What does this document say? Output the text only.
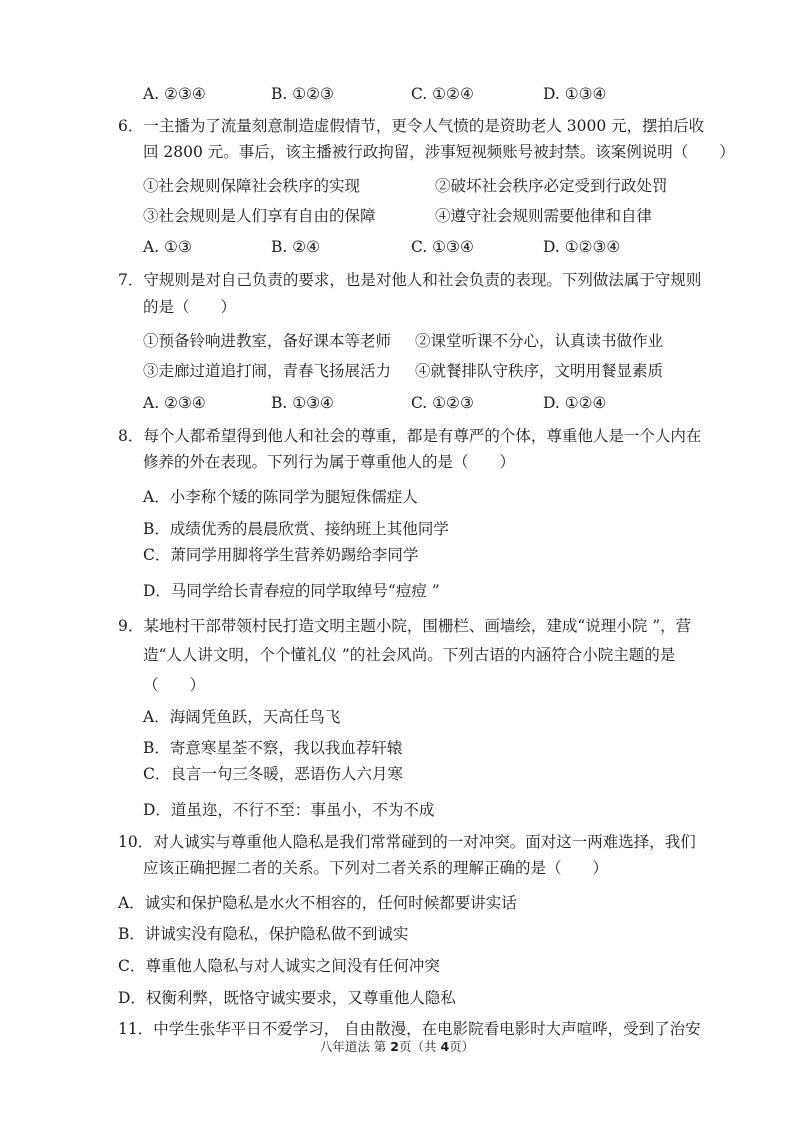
A. ②③④	B. ①②③	C. ①②④	D. ①③④
6．一主播为了流量刻意制造虚假情节，更令人气愤的是资助老人 3000 元，摆拍后收
回 2800 元。事后，该主播被行政拘留，涉事短视频账号被封禁。该案例说明（　　）
①社会规则保障社会秩序的实现	②破坏社会秩序必定受到行政处罚
③社会规则是人们享有自由的保障	④遵守社会规则需要他律和自律
A. ①③	B. ②④	C. ①③④	D. ①②③④
7．守规则是对自己负责的要求，也是对他人和社会负责的表现。下列做法属于守规则
的是（　　）
①预备铃响进教室，备好课本等老师 ②课堂听课不分心，认真读书做作业
③走廊过道追打闹，青春飞扬展活力 ④就餐排队守秩序，文明用餐显素质
A. ②③④	B. ①③④	C. ①②③	D. ①②④
8．每个人都希望得到他人和社会的尊重，都是有尊严的个体，尊重他人是一个人内在
修养的外在表现。下列行为属于尊重他人的是（　　）
A．小李称个矮的陈同学为腿短侏儒症人
B．成绩优秀的晨晨欣赏、接纳班上其他同学
C．萧同学用脚将学生营养奶踢给李同学
D．马同学给长青春痘的同学取绰号“痘痘 ”
9．某地村干部带领村民打造文明主题小院，围栅栏、画墙绘，建成“说理小院 ”，营
造“人人讲文明，个个懂礼仪 ”的社会风尚。下列古语的内涵符合小院主题的是
（　　）
A．海阔凭鱼跃，天高任鸟飞
B．寄意寒星荃不察，我以我血荐轩辕
C．良言一句三冬暖，恶语伤人六月寒
D．道虽迩，不行不至：事虽小，不为不成
10．对人诚实与尊重他人隐私是我们常常碰到的一对冲突。面对这一两难选择，我们
应该正确把握二者的关系。下列对二者关系的理解正确的是（　　）
A．诚实和保护隐私是水火不相容的，任何时候都要讲实话
B．讲诚实没有隐私，保护隐私做不到诚实
C．尊重他人隐私与对人诚实之间没有任何冲突
D．权衡利弊，既恪守诚实要求，又尊重他人隐私
11．中学生张华平日不爱学习， 自由散漫，在电影院看电影时大声喧哗，受到了治安
八年道法 第 2页（共 4页）
